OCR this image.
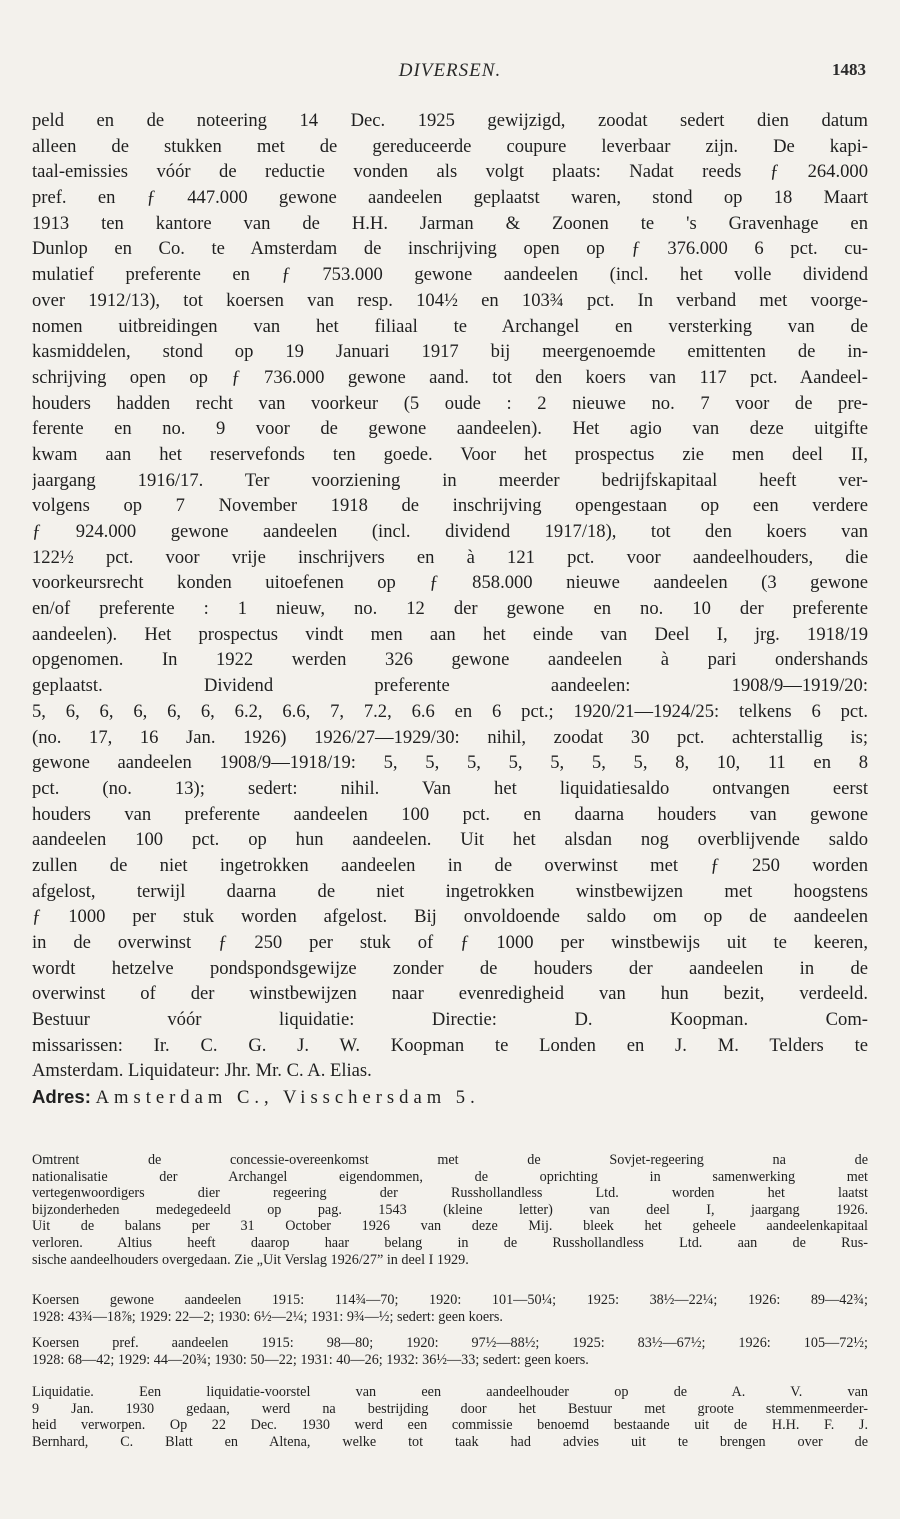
DIVERSEN.	1483
peld en de noteering 14 Dec. 1925 gewijzigd, zoodat sedert dien datum
alleen de stukken met de gereduceerde coupure leverbaar zijn. De kapi-
taal-emissies vóór de reductie vonden als volgt plaats: Nadat reeds ƒ 264.000
pref. en ƒ 447.000 gewone aandeelen geplaatst waren, stond op 18 Maart
1913 ten kantore van de H.H. Jarman & Zoonen te 's Gravenhage en
Dunlop en Co. te Amsterdam de inschrijving open op ƒ 376.000 6 pct. cu-
mulatief preferente en ƒ 753.000 gewone aandeelen (incl. het volle dividend
over 1912/13), tot koersen van resp. 104½ en 103¾ pct. In verband met voorge-
nomen uitbreidingen van het filiaal te Archangel en versterking van de
kasmiddelen, stond op 19 Januari 1917 bij meergenoemde emittenten de in-
schrijving open op ƒ 736.000 gewone aand. tot den koers van 117 pct. Aandeel-
houders hadden recht van voorkeur (5 oude : 2 nieuwe no. 7 voor de pre-
ferente en no. 9 voor de gewone aandeelen). Het agio van deze uitgifte
kwam aan het reservefonds ten goede. Voor het prospectus zie men deel II,
jaargang 1916/17. Ter voorziening in meerder bedrijfskapitaal heeft ver-
volgens op 7 November 1918 de inschrijving opengestaan op een verdere
ƒ 924.000 gewone aandeelen (incl. dividend 1917/18), tot den koers van
122½ pct. voor vrije inschrijvers en à 121 pct. voor aandeelhouders, die
voorkeursrecht konden uitoefenen op ƒ 858.000 nieuwe aandeelen (3 gewone
en/of preferente : 1 nieuw, no. 12 der gewone en no. 10 der preferente
aandeelen). Het prospectus vindt men aan het einde van Deel I, jrg. 1918/19
opgenomen. In 1922 werden 326 gewone aandeelen à pari ondershands
geplaatst. Dividend preferente aandeelen: 1908/9—1919/20:
5, 6, 6, 6, 6, 6, 6.2, 6.6, 7, 7.2, 6.6 en 6 pct.; 1920/21—1924/25: telkens 6 pct.
(no. 17, 16 Jan. 1926) 1926/27—1929/30: nihil, zoodat 30 pct. achterstallig is;
gewone aandeelen 1908/9—1918/19: 5, 5, 5, 5, 5, 5, 5, 8, 10, 11 en 8
pct. (no. 13); sedert: nihil. Van het liquidatiesaldo ontvangen eerst
houders van preferente aandeelen 100 pct. en daarna houders van gewone
aandeelen 100 pct. op hun aandeelen. Uit het alsdan nog overblijvende saldo
zullen de niet ingetrokken aandeelen in de overwinst met ƒ 250 worden
afgelost, terwijl daarna de niet ingetrokken winstbewijzen met hoogstens
ƒ 1000 per stuk worden afgelost. Bij onvoldoende saldo om op de aandeelen
in de overwinst ƒ 250 per stuk of ƒ 1000 per winstbewijs uit te keeren,
wordt hetzelve pondspondsgewijze zonder de houders der aandeelen in de
overwinst of der winstbewijzen naar evenredigheid van hun bezit, verdeeld.
Bestuur vóór liquidatie: Directie: D. Koopman. Com-
missarissen: Ir. C. G. J. W. Koopman te Londen en J. M. Telders te
Amsterdam. Liquidateur: Jhr. Mr. C. A. Elias.
Adres: Amsterdam C., Visschersdam 5.
Omtrent de concessie-overeenkomst met de Sovjet-regeering na de
nationalisatie der Archangel eigendommen, de oprichting in samenwerking met
vertegenwoordigers dier regeering der Russhollandless Ltd. worden het laatst
bijzonderheden medegedeeld op pag. 1543 (kleine letter) van deel I, jaargang 1926.
Uit de balans per 31 October 1926 van deze Mij. bleek het geheele aandeelenkapitaal
verloren. Altius heeft daarop haar belang in de Russhollandless Ltd. aan de Rus-
sische aandeelhouders overgedaan. Zie „Uit Verslag 1926/27” in deel I 1929.
Koersen gewone aandeelen 1915: 114¾—70; 1920: 101—50¼; 1925: 38½—22¼; 1926: 89—42¾;
1928: 43¾—18⅞; 1929: 22—2; 1930: 6½—2¼; 1931: 9¾—½; sedert: geen koers.
Koersen pref. aandeelen 1915: 98—80; 1920: 97½—88½; 1925: 83½—67½; 1926: 105—72½;
1928: 68—42; 1929: 44—20¾; 1930: 50—22; 1931: 40—26; 1932: 36½—33; sedert: geen koers.
Liquidatie. Een liquidatie-voorstel van een aandeelhouder op de A. V. van
9 Jan. 1930 gedaan, werd na bestrijding door het Bestuur met groote stemmenmeerder-
heid verworpen. Op 22 Dec. 1930 werd een commissie benoemd bestaande uit de H.H. F. J.
Bernhard, C. Blatt en Altena, welke tot taak had advies uit te brengen over de
